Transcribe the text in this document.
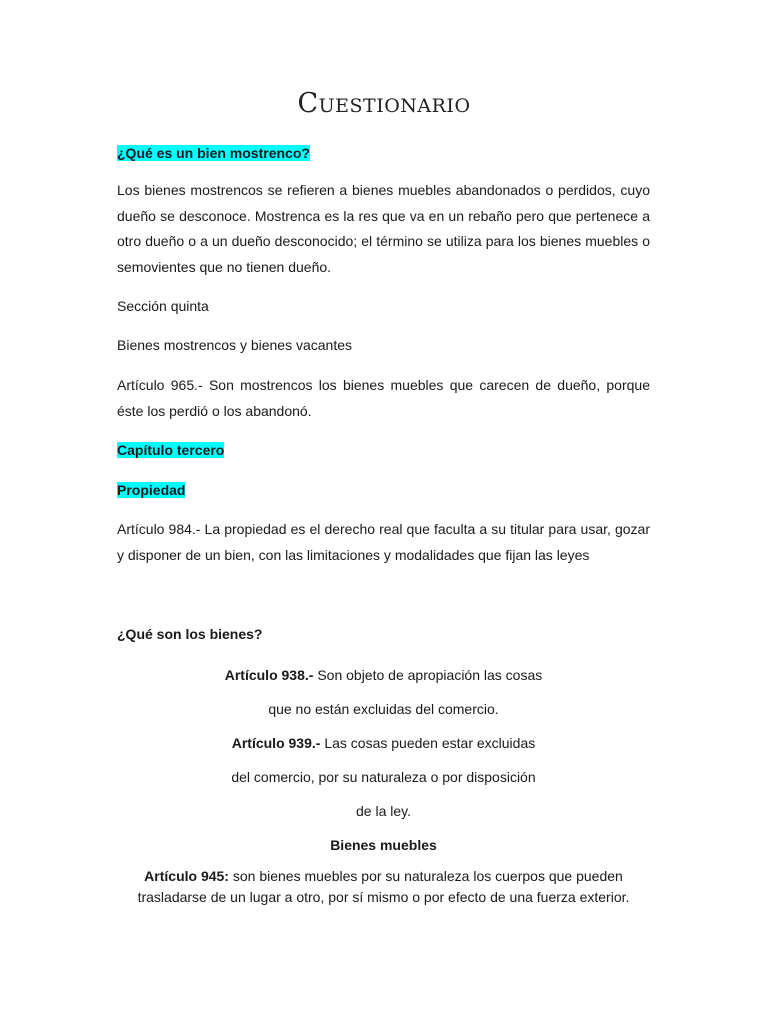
Cuestionario
¿Qué es un bien mostrenco?
Los bienes mostrencos se refieren a bienes muebles abandonados o perdidos, cuyo dueño se desconoce. Mostrenca es la res que va en un rebaño pero que pertenece a otro dueño o a un dueño desconocido; el término se utiliza para los bienes muebles o semovientes que no tienen dueño.
Sección quinta
Bienes mostrencos y bienes vacantes
Artículo 965.- Son mostrencos los bienes muebles que carecen de dueño, porque éste los perdió o los abandonó.
Capítulo tercero
Propiedad
Artículo 984.- La propiedad es el derecho real que faculta a su titular para usar, gozar y disponer de un bien, con las limitaciones y modalidades que fijan las leyes
¿Qué son los bienes?
Artículo 938.- Son objeto de apropiación las cosas
que no están excluidas del comercio.
Artículo 939.- Las cosas pueden estar excluidas
del comercio, por su naturaleza o por disposición
de la ley.
Bienes muebles
Artículo 945: son bienes muebles por su naturaleza los cuerpos que pueden
trasladarse de un lugar a otro, por sí mismo o por efecto de una fuerza exterior.
